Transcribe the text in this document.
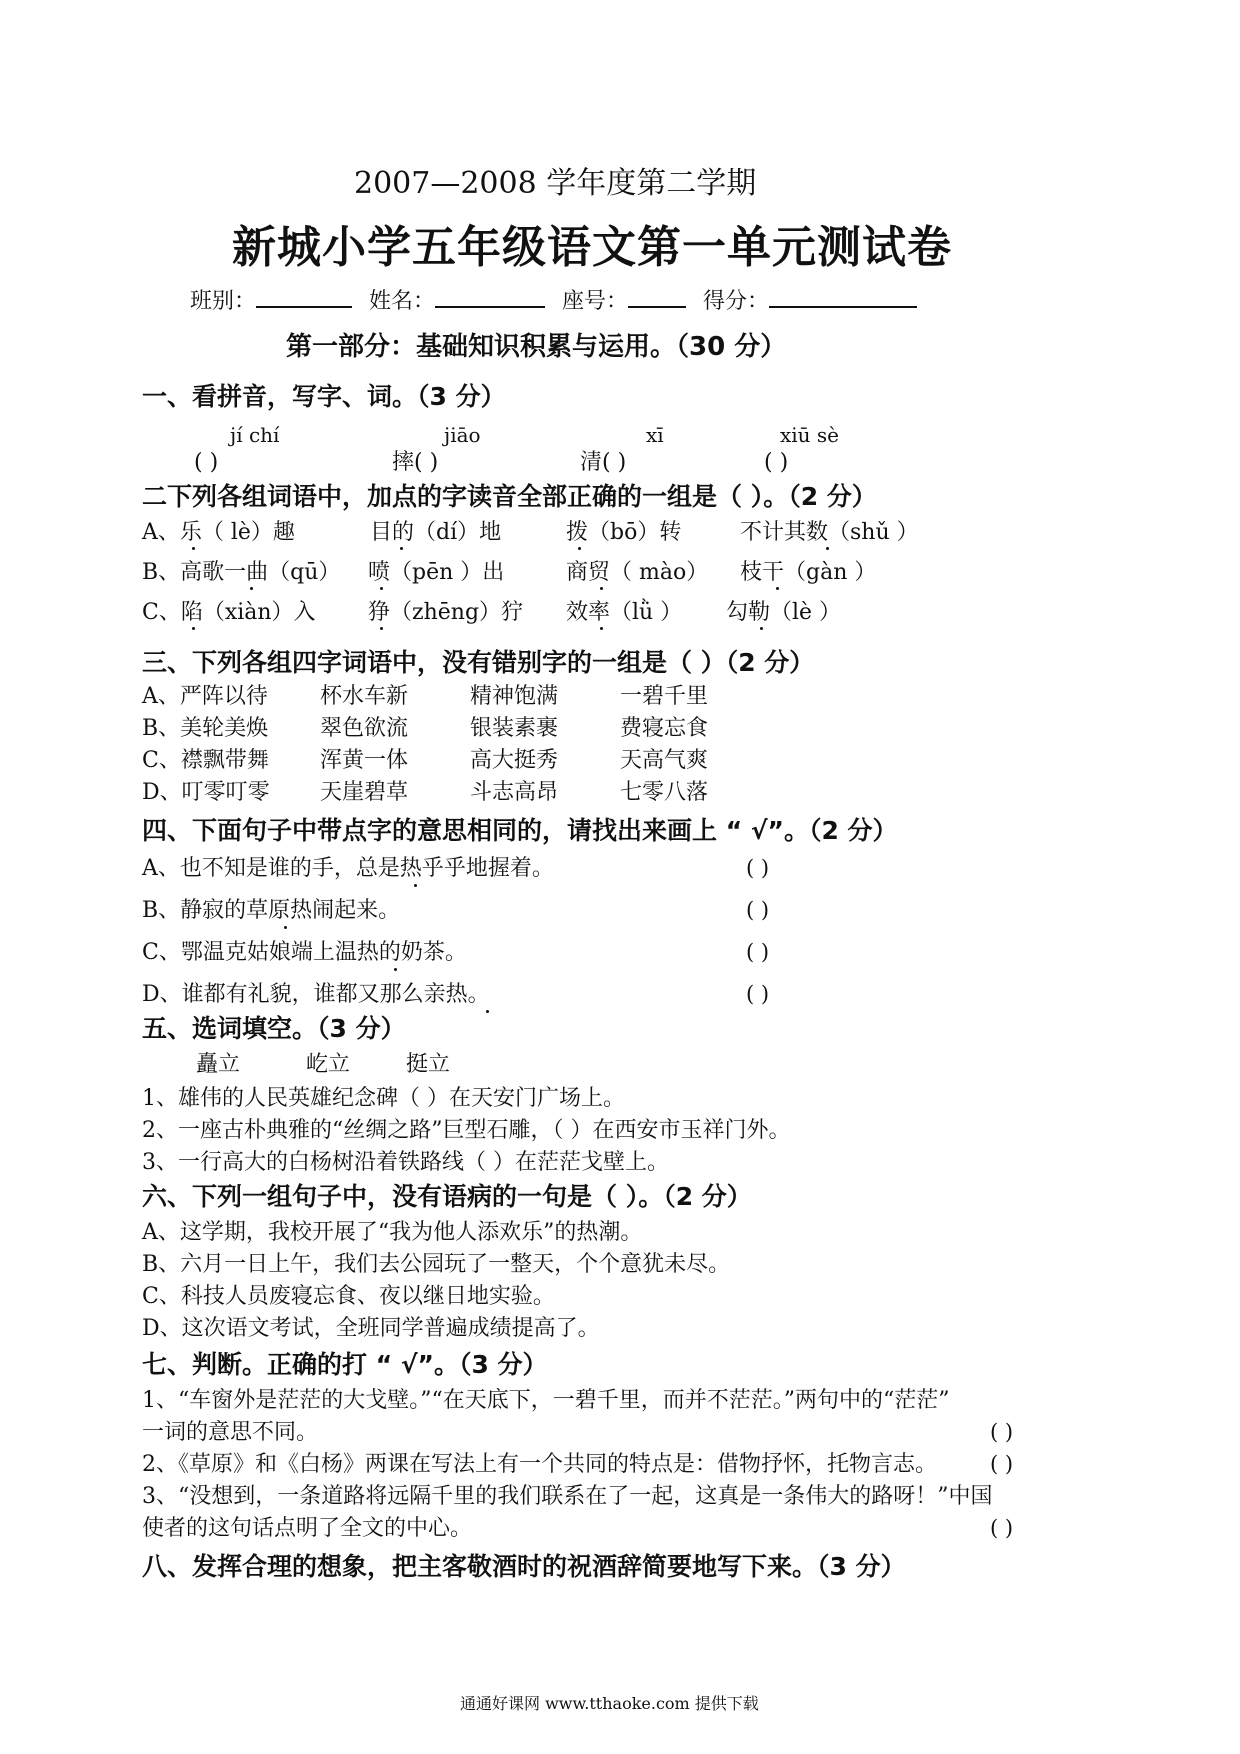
2007—2008 学年度第二学期
新城小学五年级语文第一单元测试卷
班别：	姓名：	座号：	得分：
第一部分：基础知识积累与运用。（30 分）
一、看拼音，写字、词。（3 分）
jí chí	jiāo	xī	xiū sè
( )	摔( )	清( )	( )
二下列各组词语中，加点的字读音全部正确的一组是（ ）。（2 分）
A、乐（ lè）趣	目的（dí）地	拨（bō）转	不计其数（shǔ ）
B、高歌一曲（qū） 喷（pēn ）出	商贸（ mào） 枝干（gàn ）
C、陷（xiàn）入 狰（zhēng）狞 效率（lǜ ） 勾勒（lè ）
三、下列各组四字词语中，没有错别字的一组是（ ）（2 分）
A、严阵以待 杯水车新	精神饱满	一碧千里
B、美轮美焕 翠色欲流	银装素裹	费寝忘食
C、襟飘带舞 浑黄一体	高大挺秀	天高气爽
D、叮零叮零 天崖碧草	斗志高昂	七零八落
四、下面句子中带点字的意思相同的，请找出来画上 “ √”。（2 分）
A、也不知是谁的手，总是热乎乎地握着。
B、静寂的草原热闹起来。
C、鄂温克姑娘端上温热的奶茶。
D、谁都有礼貌，谁都又那么亲热。
( )
( )
( )
( )
五、选词填空。（3 分）
矗立	屹立	挺立
1、雄伟的人民英雄纪念碑（ ）在天安门广场上。
2、一座古朴典雅的“丝绸之路”巨型石雕，（ ）在西安市玉祥门外。
3、一行高大的白杨树沿着铁路线（ ）在茫茫戈壁上。
六、下列一组句子中，没有语病的一句是（ ）。（2 分）
A、这学期，我校开展了“我为他人添欢乐”的热潮。
B、六月一日上午，我们去公园玩了一整天，个个意犹未尽。
C、科技人员废寝忘食、夜以继日地实验。
D、这次语文考试，全班同学普遍成绩提高了。
七、判断。正确的打 “ √”。（3 分）
1、“车窗外是茫茫的大戈壁。”“在天底下，一碧千里，而并不茫茫。”两句中的“茫茫”
一词的意思不同。	( )
2、《草原》和《白杨》两课在写法上有一个共同的特点是：借物抒怀，托物言志。	( )
3、“没想到，一条道路将远隔千里的我们联系在了一起，这真是一条伟大的路呀！”中国
使者的这句话点明了全文的中心。	( )
八、发挥合理的想象，把主客敬酒时的祝酒辞简要地写下来。（3 分）
通通好课网 www.tthaoke.com 提供下载
